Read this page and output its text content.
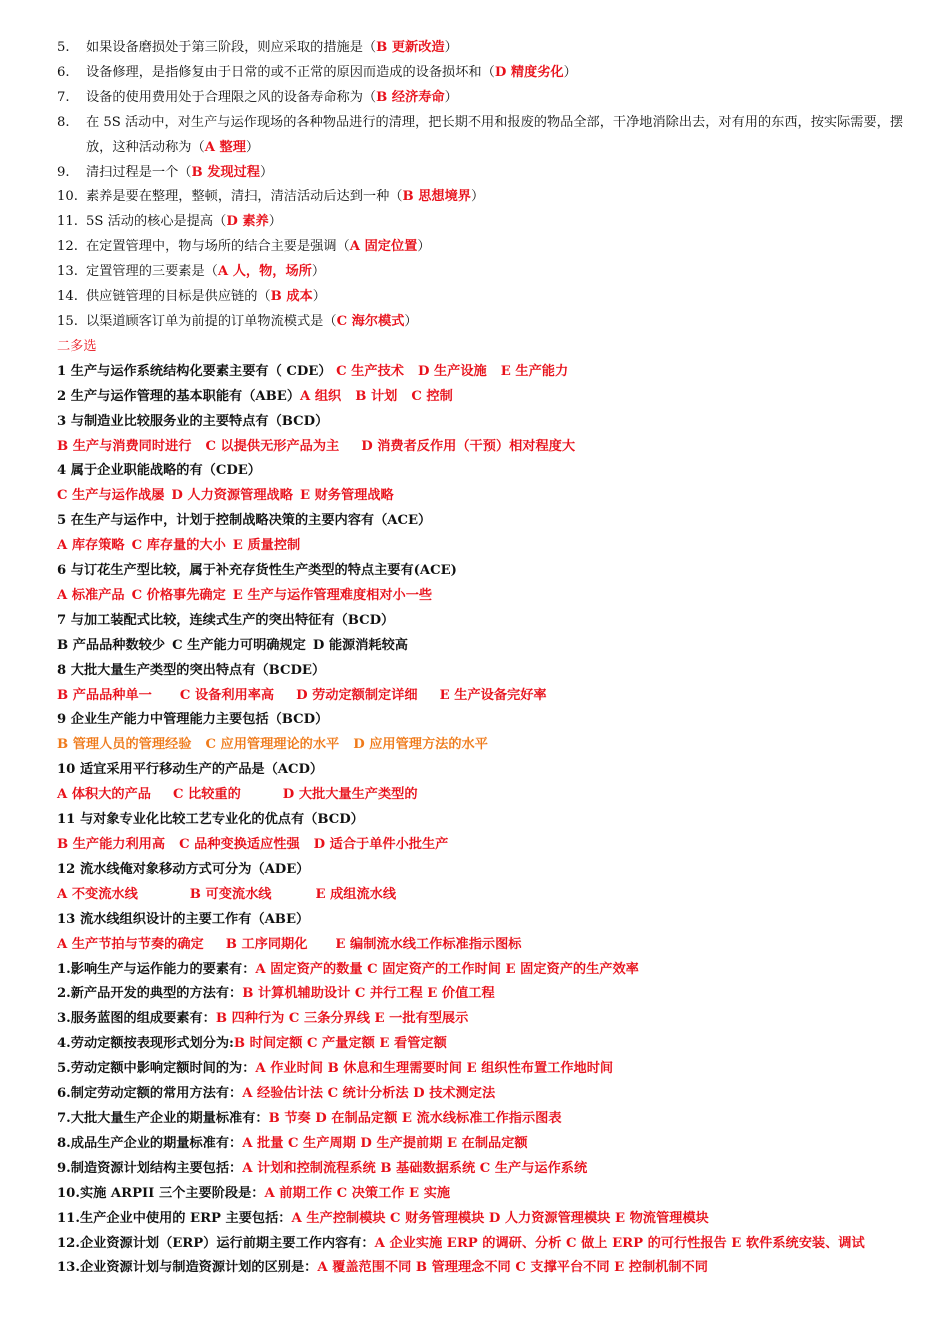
5.	如果设备磨损处于第三阶段，则应采取的措施是（B 更新改造）
6.	设备修理，是指修复由于日常的或不正常的原因而造成的设备损坏和（D 精度劣化）
7.	设备的使用费用处于合理限之风的设备寿命称为（B 经济寿命）
8.	在 5S 活动中，对生产与运作现场的各种物品进行的清理，把长期不用和报废的物品全部，干净地消除出去，对有用的东西，按实际需要，摆放，这种活动称为（A 整理）
9.	清扫过程是一个（B 发现过程）
10. 素养是要在整理，整顿，清扫，清洁活动后达到一种（B 思想境界）
11. 5S 活动的核心是提高（D 素养）
12. 在定置管理中，物与场所的结合主要是强调（A 固定位置）
13. 定置管理的三要素是（A 人，物，场所）
14. 供应链管理的目标是供应链的（B 成本）
15. 以渠道顾客订单为前提的订单物流模式是（C 海尔模式）
二多选
1 生产与运作系统结构化要素主要有（ CDE） C 生产技术 D 生产设施 E 生产能力
2 生产与运作管理的基本职能有（ABE）A 组织 B 计划 C 控制
3 与制造业比较服务业的主要特点有（BCD）
B 生产与消费同时进行 C 以提供无形产品为主 D 消费者反作用（干预）相对程度大
4 属于企业职能战略的有（CDE）
C 生产与运作战屡 D 人力资源管理战略 E 财务管理战略
5 在生产与运作中，计划于控制战略决策的主要内容有（ACE）
A 库存策略 C 库存量的大小 E 质量控制
6 与订花生产型比较，属于补充存货性生产类型的特点主要有(ACE)
A 标准产品 C 价格事先确定 E 生产与运作管理难度相对小一些
7 与加工装配式比较，连续式生产的突出特征有（BCD）
B 产品品种数较少 C 生产能力可明确规定 D 能源消耗较高
8 大批大量生产类型的突出特点有（BCDE）
B 产品品种单一 C 设备利用率高 D 劳动定额制定详细 E 生产设备完好率
9 企业生产能力中管理能力主要包括（BCD）
B 管理人员的管理经验 C 应用管理理论的水平 D 应用管理方法的水平
10 适宜采用平行移动生产的产品是（ACD）
A 体积大的产品 C 比较重的	D 大批大量生产类型的
11 与对象专业化比较工艺专业化的优点有（BCD）
B 生产能力利用高 C 品种变换适应性强 D 适合于单件小批生产
12 流水线俺对象移动方式可分为（ADE）
A 不变流水线	B 可变流水线	E 成组流水线
13 流水线组织设计的主要工作有（ABE）
A 生产节拍与节奏的确定 B 工序同期化 E 编制流水线工作标准指示图标
1.影响生产与运作能力的要素有：A 固定资产的数量 C 固定资产的工作时间 E 固定资产的生产效率
2.新产品开发的典型的方法有：B 计算机辅助设计 C 并行工程 E 价值工程
3.服务蓝图的组成要素有：B 四种行为 C 三条分界线 E 一批有型展示
4.劳动定额按表现形式划分为:B 时间定额 C 产量定额 E 看管定额
5.劳动定额中影响定额时间的为：A 作业时间 B 休息和生理需要时间 E 组织性布置工作地时间
6.制定劳动定额的常用方法有：A 经验估计法 C 统计分析法 D 技术测定法
7.大批大量生产企业的期量标准有：B 节奏 D 在制品定额 E 流水线标准工作指示图表
8.成品生产企业的期量标准有：A 批量 C 生产周期 D 生产提前期 E 在制品定额
9.制造资源计划结构主要包括：A 计划和控制流程系统 B 基础数据系统 C 生产与运作系统
10.实施 ARPII 三个主要阶段是：A 前期工作 C 决策工作 E 实施
11.生产企业中使用的 ERP 主要包括：A 生产控制模块 C 财务管理模块 D 人力资源管理模块 E 物流管理模块
12.企业资源计划（ERP）运行前期主要工作内容有：A 企业实施 ERP 的调研、分析 C 做上 ERP 的可行性报告 E 软件系统安装、调试
13.企业资源计划与制造资源计划的区别是：A 覆盖范围不同 B 管理理念不同 C 支撑平台不同 E 控制机制不同
